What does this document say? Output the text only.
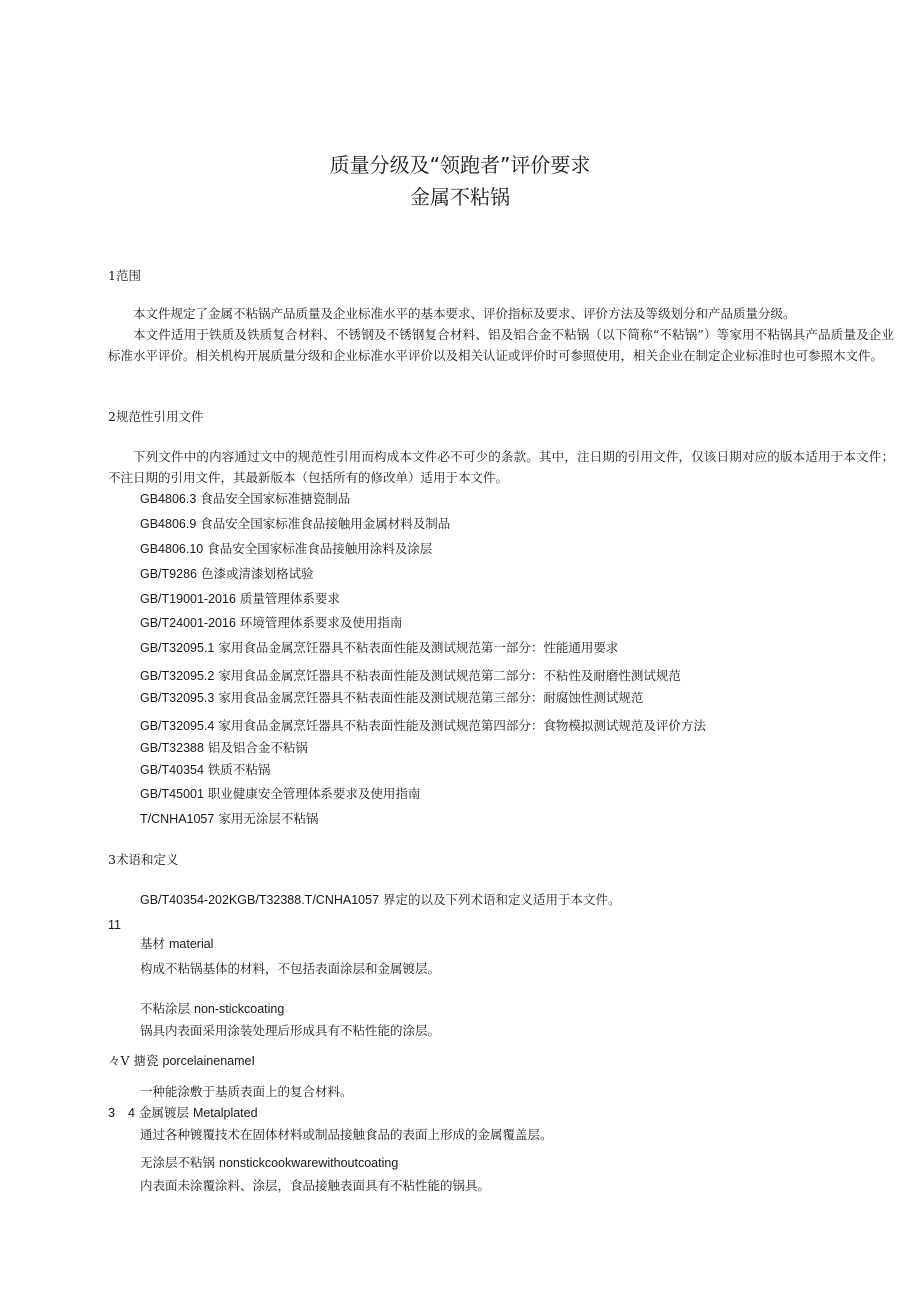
质量分级及“领跑者”评价要求
金属不粘锅
1范围
本文件规定了金属不粘锅产品质量及企业标准水平的基本要求、评价指标及要求、评价方法及等级划分和产品质量分级。
本文件适用于铁质及铁质复合材料、不锈钢及不锈钢复合材料、铝及铝合金不粘锅（以下简称“不粘锅”）等家用不粘锅具产品质量及企业标准水平评价。相关机构开展质量分级和企业标准水平评价以及相关认证或评价时可参照使用，相关企业在制定企业标准时也可参照木文件。
2规范性引用文件
下列文件中的内容通过文中的规范性引用而构成本文件必不可少的条款。其中，注日期的引用文件，仅该日期对应的版本适用于本文件；不注日期的引用文件，其最新版本（包括所有的修改单）适用于本文件。
GB4806.3 食品安全国家标准搪瓷制品
GB4806.9 食品安全国家标准食品接触用金属材料及制品
GB4806.10 食品安全国家标准食品接触用涂料及涂层
GB/T9286 色漆或清漆划格试验
GB/T19001-2016 质量管理体系要求
GB/T24001-2016 环境管理体系要求及使用指南
GB/T32095.1 家用食品金属烹饪器具不粘表面性能及测试规范第一部分：性能通用要求
GB/T32095.2 家用食品金属烹饪器具不粘表面性能及测试规范第二部分：不粘性及耐磨性测试规范
GB/T32095.3 家用食品金属烹饪器具不粘表面性能及测试规范第三部分：耐腐蚀性测试规范
GB/T32095.4 家用食品金属烹饪器具不粘表面性能及测试规范第四部分：食物模拟测试规范及评价方法
GB/T32388 铝及铝合金不粘锅
GB/T40354 铁质不粘锅
GB/T45001 职业健康安全管理体系要求及使用指南
T/CNHA1057 家用无涂层不粘锅
3术语和定义
GB/T40354-202KGB/T32388.T/CNHA1057 界定的以及下列术语和定义适用于本文件。
11
基材 material
构成不粘锅基体的材料，不包括表面涂层和金属镀层。
不粘涂层 non-stickcoating
锅具内表面采用涂装处理后形成具有不粘性能的涂层。
々V 搪瓷 porcelainenameI
一种能涂敷于基质表面上的复合材料。
3 4 金属镀层 Metalplated
通过各种镀覆技术在固体材料或制品接触食品的表面上形成的金属覆盖层。
无涂层不粘锅 nonstickcookwarewithoutcoating
内表面未涂覆涂料、涂层，食品接触表面具有不粘性能的锅具。
